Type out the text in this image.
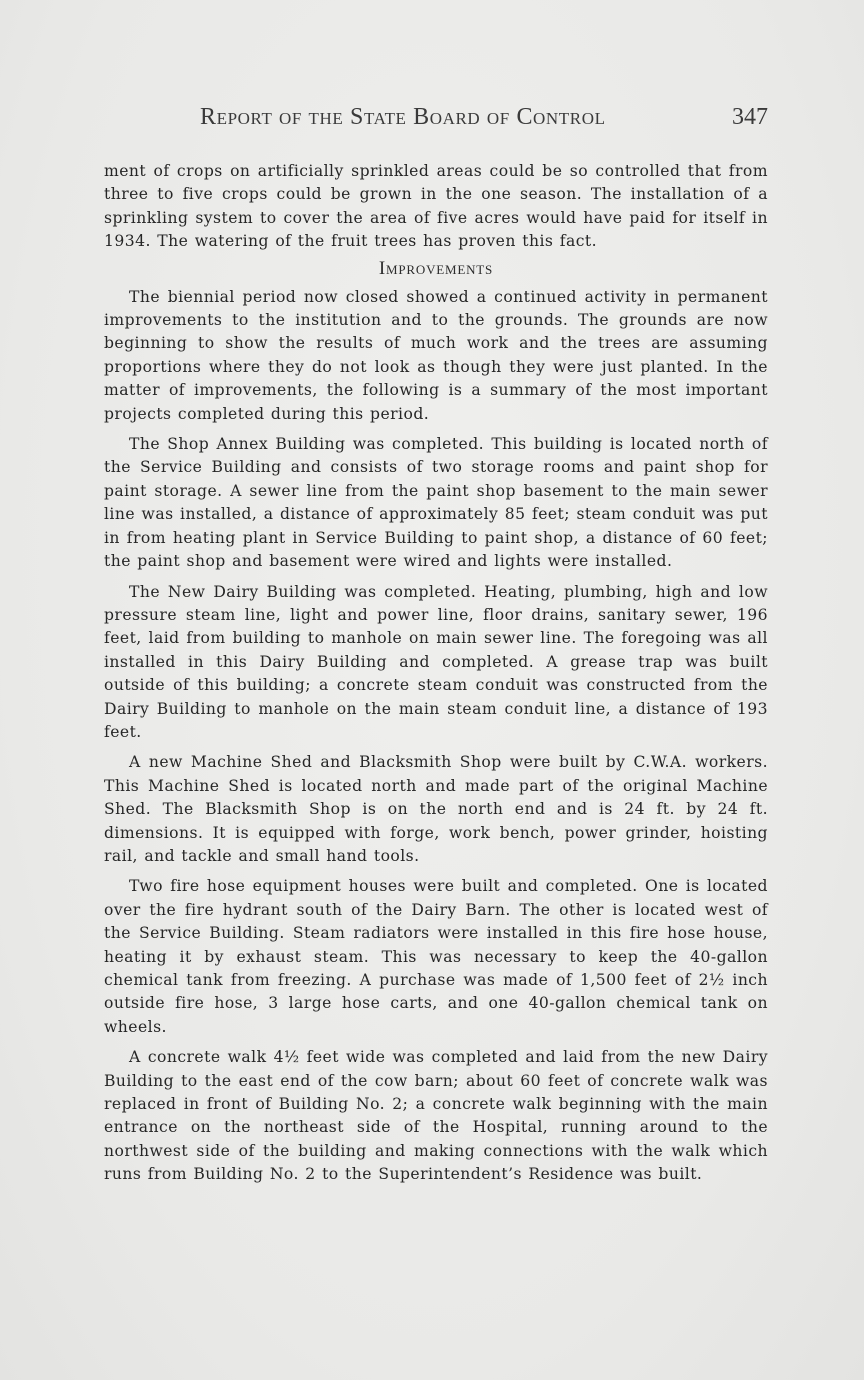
Report of the State Board of Control	347

ment of crops on artificially sprinkled areas could be so controlled that from three to five crops could be grown in the one season. The installation of a sprinkling system to cover the area of five acres would have paid for itself in 1934. The watering of the fruit trees has proven this fact.

Improvements

The biennial period now closed showed a continued activity in permanent improvements to the institution and to the grounds. The grounds are now beginning to show the results of much work and the trees are assuming proportions where they do not look as though they were just planted. In the matter of improvements, the following is a summary of the most important projects completed during this period.

The Shop Annex Building was completed. This building is located north of the Service Building and consists of two storage rooms and paint shop for paint storage. A sewer line from the paint shop basement to the main sewer line was installed, a distance of approximately 85 feet; steam conduit was put in from heating plant in Service Building to paint shop, a distance of 60 feet; the paint shop and basement were wired and lights were installed.

The New Dairy Building was completed. Heating, plumbing, high and low pressure steam line, light and power line, floor drains, sanitary sewer, 196 feet, laid from building to manhole on main sewer line. The foregoing was all installed in this Dairy Building and completed. A grease trap was built outside of this building; a concrete steam conduit was constructed from the Dairy Building to manhole on the main steam conduit line, a distance of 193 feet.

A new Machine Shed and Blacksmith Shop were built by C.W.A. workers. This Machine Shed is located north and made part of the original Machine Shed. The Blacksmith Shop is on the north end and is 24 ft. by 24 ft. dimensions. It is equipped with forge, work bench, power grinder, hoisting rail, and tackle and small hand tools.

Two fire hose equipment houses were built and completed. One is located over the fire hydrant south of the Dairy Barn. The other is located west of the Service Building. Steam radiators were installed in this fire hose house, heating it by exhaust steam. This was necessary to keep the 40-gallon chemical tank from freezing. A purchase was made of 1,500 feet of 2½ inch outside fire hose, 3 large hose carts, and one 40-gallon chemical tank on wheels.

A concrete walk 4½ feet wide was completed and laid from the new Dairy Building to the east end of the cow barn; about 60 feet of concrete walk was replaced in front of Building No. 2; a concrete walk beginning with the main entrance on the northeast side of the Hospital, running around to the northwest side of the building and making connections with the walk which runs from Building No. 2 to the Superintendent’s Residence was built.
